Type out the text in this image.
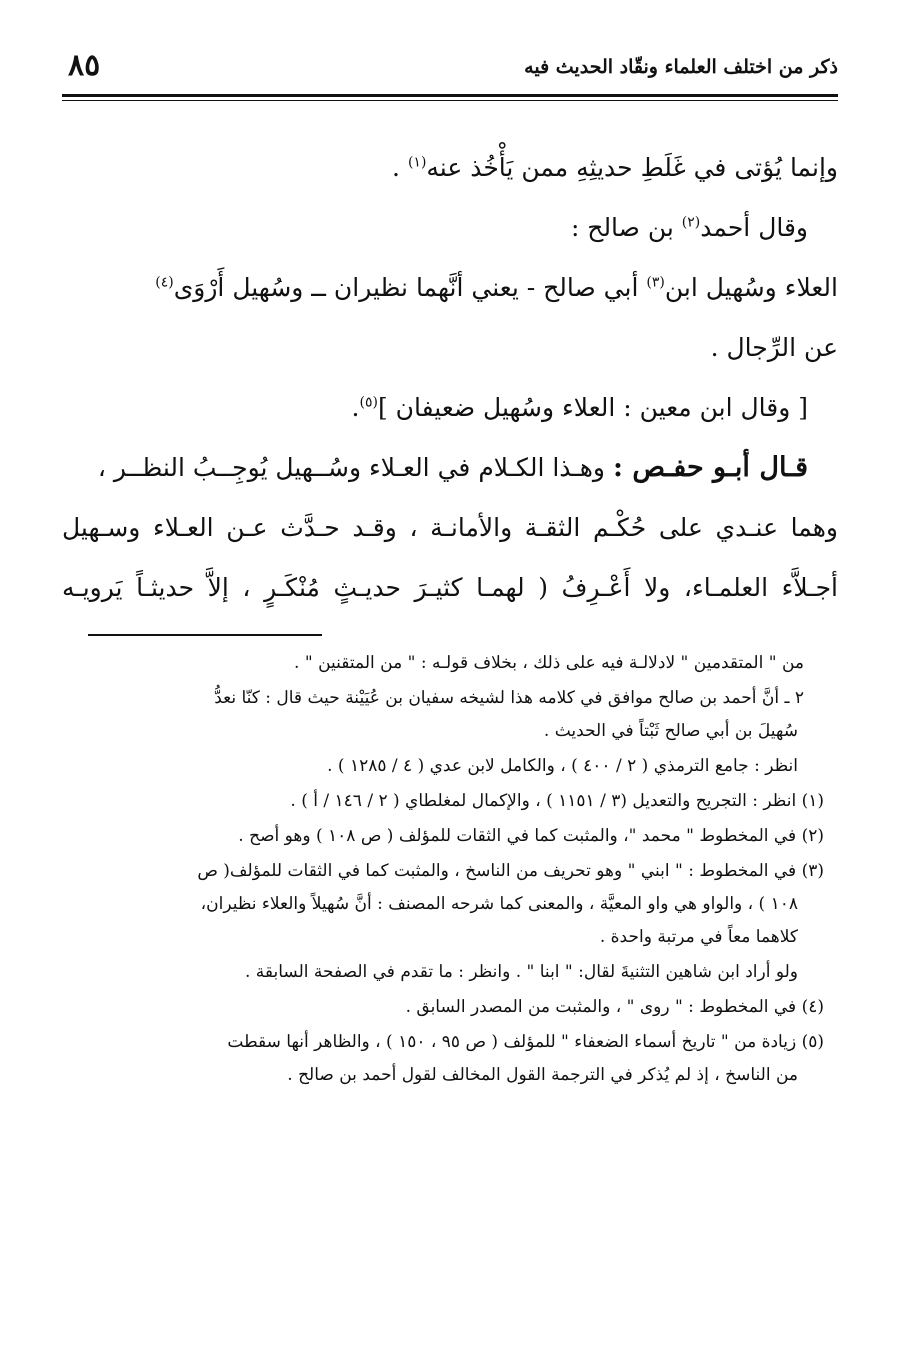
ذكر من اختلف العلماء ونقّاد الحديث فيه
٨٥
وإنما يُؤتى في غَلَطِ حديثِهِ ممن يَأْخُذ عنه$^{(١)}$ .
وقال أحمد$^{(٢)}$ بن صالح :
العلاء وسُهيل ابن$^{(٣)}$ أبي صالح - يعني أنَّهما نظيران ــ وسُهيل أَرْوَى$^{(٤)}$
عن الرِّجال .
[ وقال ابن معين : العلاء وسُهيل ضعيفان ]$^{(٥)}$.
قـال أبـو حفـص : وهـذا الكـلام في العـلاء وسُــهيل يُوجِــبُ النظــر ،
وهما عنـدي على حُكْـم الثقـة والأمانـة ، وقـد حـدَّث عـن العـلاء وسـهيل
أجـلاَّء العلمـاء، ولا أَعْـرِفُ ( لهمـا كثيـرَ حديـثٍ مُنْكَـرٍ ، إلاَّ حديثـاً يَرويـه
من " المتقدمين " لادلالـة فيه على ذلك ، بخلاف قولـه : " من المتقنين " .
٢ ـ أنَّ أحمد بن صالح موافق في كلامه هذا لشيخه سفيان بن عُيَيْنة حيث قال : كنّا نعدُّ
سُهيلَ بن أبي صالح ثَبْتاً في الحديث .
انظر : جامع الترمذي ( ٢ / ٤٠٠ ) ، والكامل لابن عدي ( ٤ / ١٢٨٥ ) .
(١) انظر : التجريح والتعديل (٣ / ١١٥١ ) ، والإكمال لمغلطاي ( ٢ / ١٤٦ / أ ) .
(٢) في المخطوط " محمد "، والمثبت كما في الثقات للمؤلف ( ص ١٠٨ ) وهو أصح .
(٣) في المخطوط : " ابني " وهو تحريف من الناسخ ، والمثبت كما في الثقات للمؤلف( ص
١٠٨ ) ، والواو هي واو المعيَّة ، والمعنى كما شرحه المصنف : أنَّ سُهيلاً والعلاء نظيران،
كلاهما معاً في مرتبة واحدة .
ولو أراد ابن شاهين التثنيةَ لقال: " ابنا " . وانظر : ما تقدم في الصفحة السابقة .
(٤) في المخطوط : " روى " ، والمثبت من المصدر السابق .
(٥) زيادة من " تاريخ أسماء الضعفاء " للمؤلف ( ص ٩٥ ، ١٥٠ ) ، والظاهر أنها سقطت
من الناسخ ، إذ لم يُذكر في الترجمة القول المخالف لقول أحمد بن صالح .
